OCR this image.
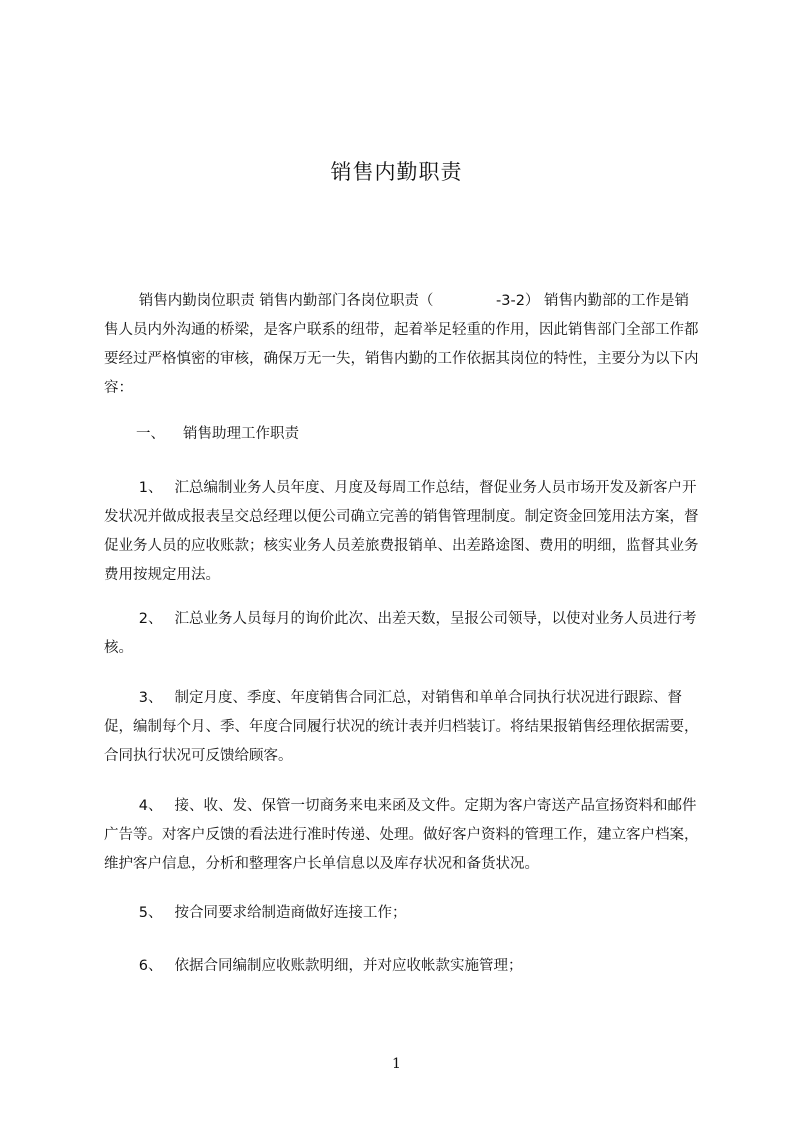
销售内勤职责

销售内勤岗位职责 销售内勤部门各岗位职责（　　　　 -3-2） 销售内勤部的工作是销售人员内外沟通的桥梁，是客户联系的纽带，起着举足轻重的作用，因此销售部门全部工作都要经过严格慎密的审核，确保万无一失，销售内勤的工作依据其岗位的特性，主要分为以下内容：

一、 销售助理工作职责

1、 汇总编制业务人员年度、月度及每周工作总结，督促业务人员市场开发及新客户开发状况并做成报表呈交总经理以便公司确立完善的销售管理制度。制定资金回笼用法方案，督促业务人员的应收账款；核实业务人员差旅费报销单、出差路途图、费用的明细，监督其业务费用按规定用法。

2、 汇总业务人员每月的询价此次、出差天数，呈报公司领导，以使对业务人员进行考核。

3、 制定月度、季度、年度销售合同汇总，对销售和单单合同执行状况进行跟踪、督促，编制每个月、季、年度合同履行状况的统计表并归档装订。将结果报销售经理依据需要，合同执行状况可反馈给顾客。

4、 接、收、发、保管一切商务来电来函及文件。定期为客户寄送产品宣扬资料和邮件广告等。对客户反馈的看法进行准时传递、处理。做好客户资料的管理工作，建立客户档案，维护客户信息，分析和整理客户长单信息以及库存状况和备货状况。

5、 按合同要求给制造商做好连接工作；

6、 依据合同编制应收账款明细，并对应收帐款实施管理；

1
